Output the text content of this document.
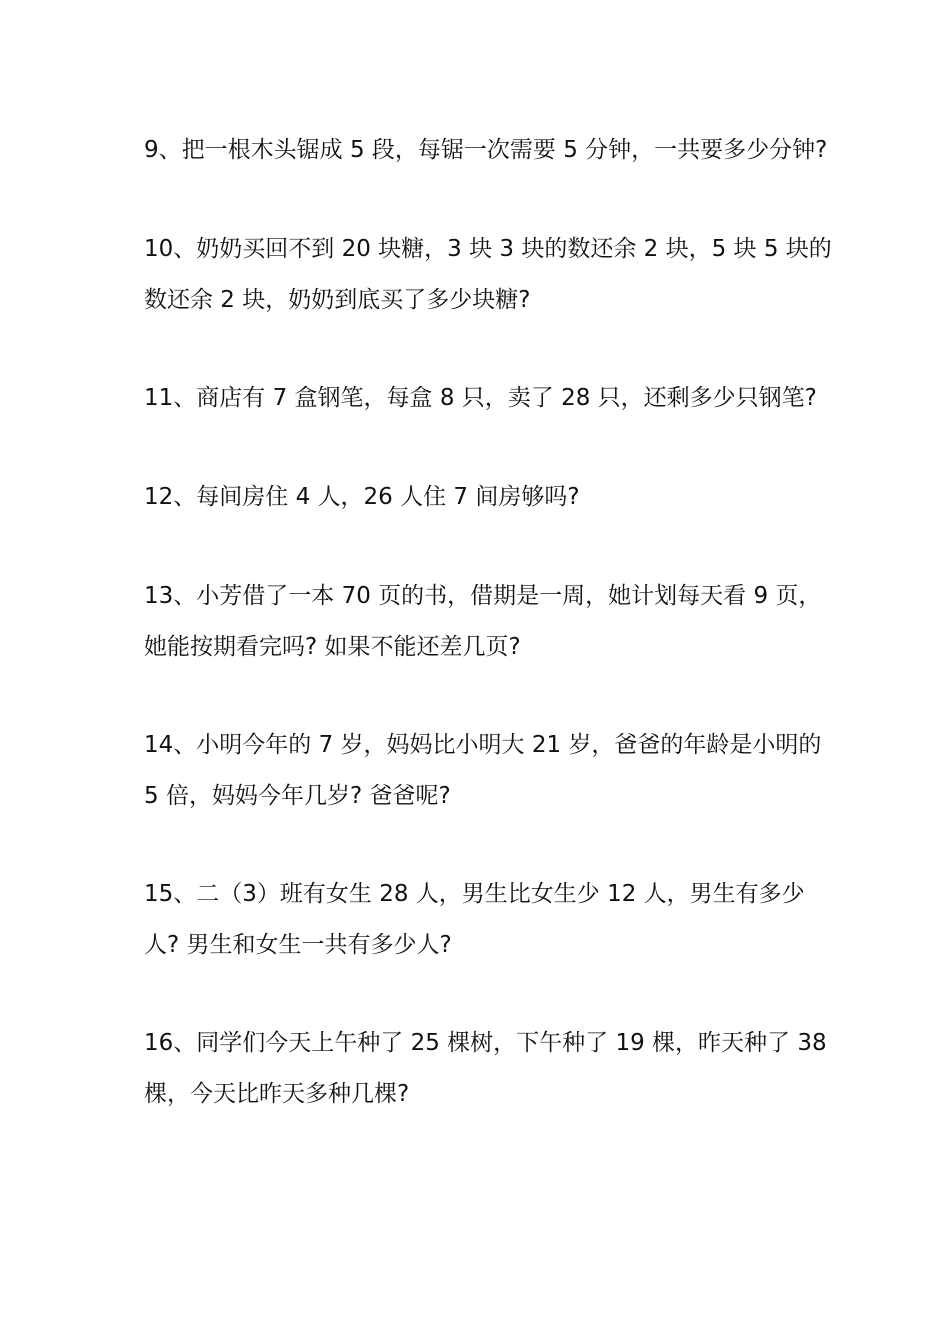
9、把一根木头锯成 5 段，每锯一次需要 5 分钟，一共要多少分钟?
10、奶奶买回不到 20 块糖，3 块 3 块的数还余 2 块，5 块 5 块的
数还余 2 块，奶奶到底买了多少块糖?
11、商店有 7 盒钢笔，每盒 8 只，卖了 28 只，还剩多少只钢笔?
12、每间房住 4 人，26 人住 7 间房够吗?
13、小芳借了一本 70 页的书，借期是一周，她计划每天看 9 页，
她能按期看完吗? 如果不能还差几页?
14、小明今年的 7 岁，妈妈比小明大 21 岁，爸爸的年龄是小明的
5 倍，妈妈今年几岁? 爸爸呢?
15、二（3）班有女生 28 人，男生比女生少 12 人，男生有多少
人? 男生和女生一共有多少人?
16、同学们今天上午种了 25 棵树，下午种了 19 棵，昨天种了 38
棵，今天比昨天多种几棵?
